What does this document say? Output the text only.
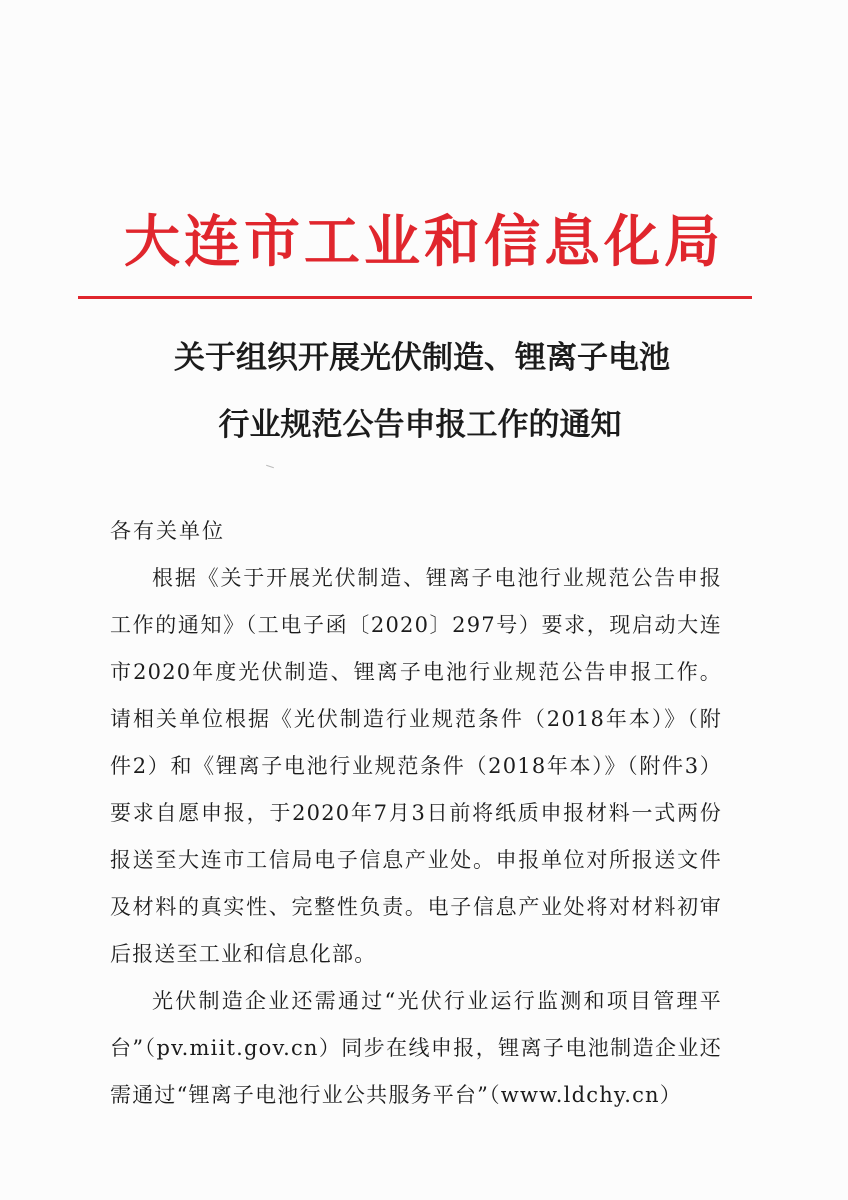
大连市工业和信息化局
关于组织开展光伏制造、锂离子电池
行业规范公告申报工作的通知

各有关单位

根据《关于开展光伏制造、锂离子电池行业规范公告申报工作的通知》（工电子函〔2020〕297号）要求，现启动大连市2020年度光伏制造、锂离子电池行业规范公告申报工作。请相关单位根据《光伏制造行业规范条件（2018年本）》（附件2）和《锂离子电池行业规范条件（2018年本）》（附件3）要求自愿申报，于2020年7月3日前将纸质申报材料一式两份报送至大连市工信局电子信息产业处。申报单位对所报送文件及材料的真实性、完整性负责。电子信息产业处将对材料初审后报送至工业和信息化部。

光伏制造企业还需通过“光伏行业运行监测和项目管理平台”（pv.miit.gov.cn）同步在线申报，锂离子电池制造企业还需通过“锂离子电池行业公共服务平台”（www.ldchy.cn）
